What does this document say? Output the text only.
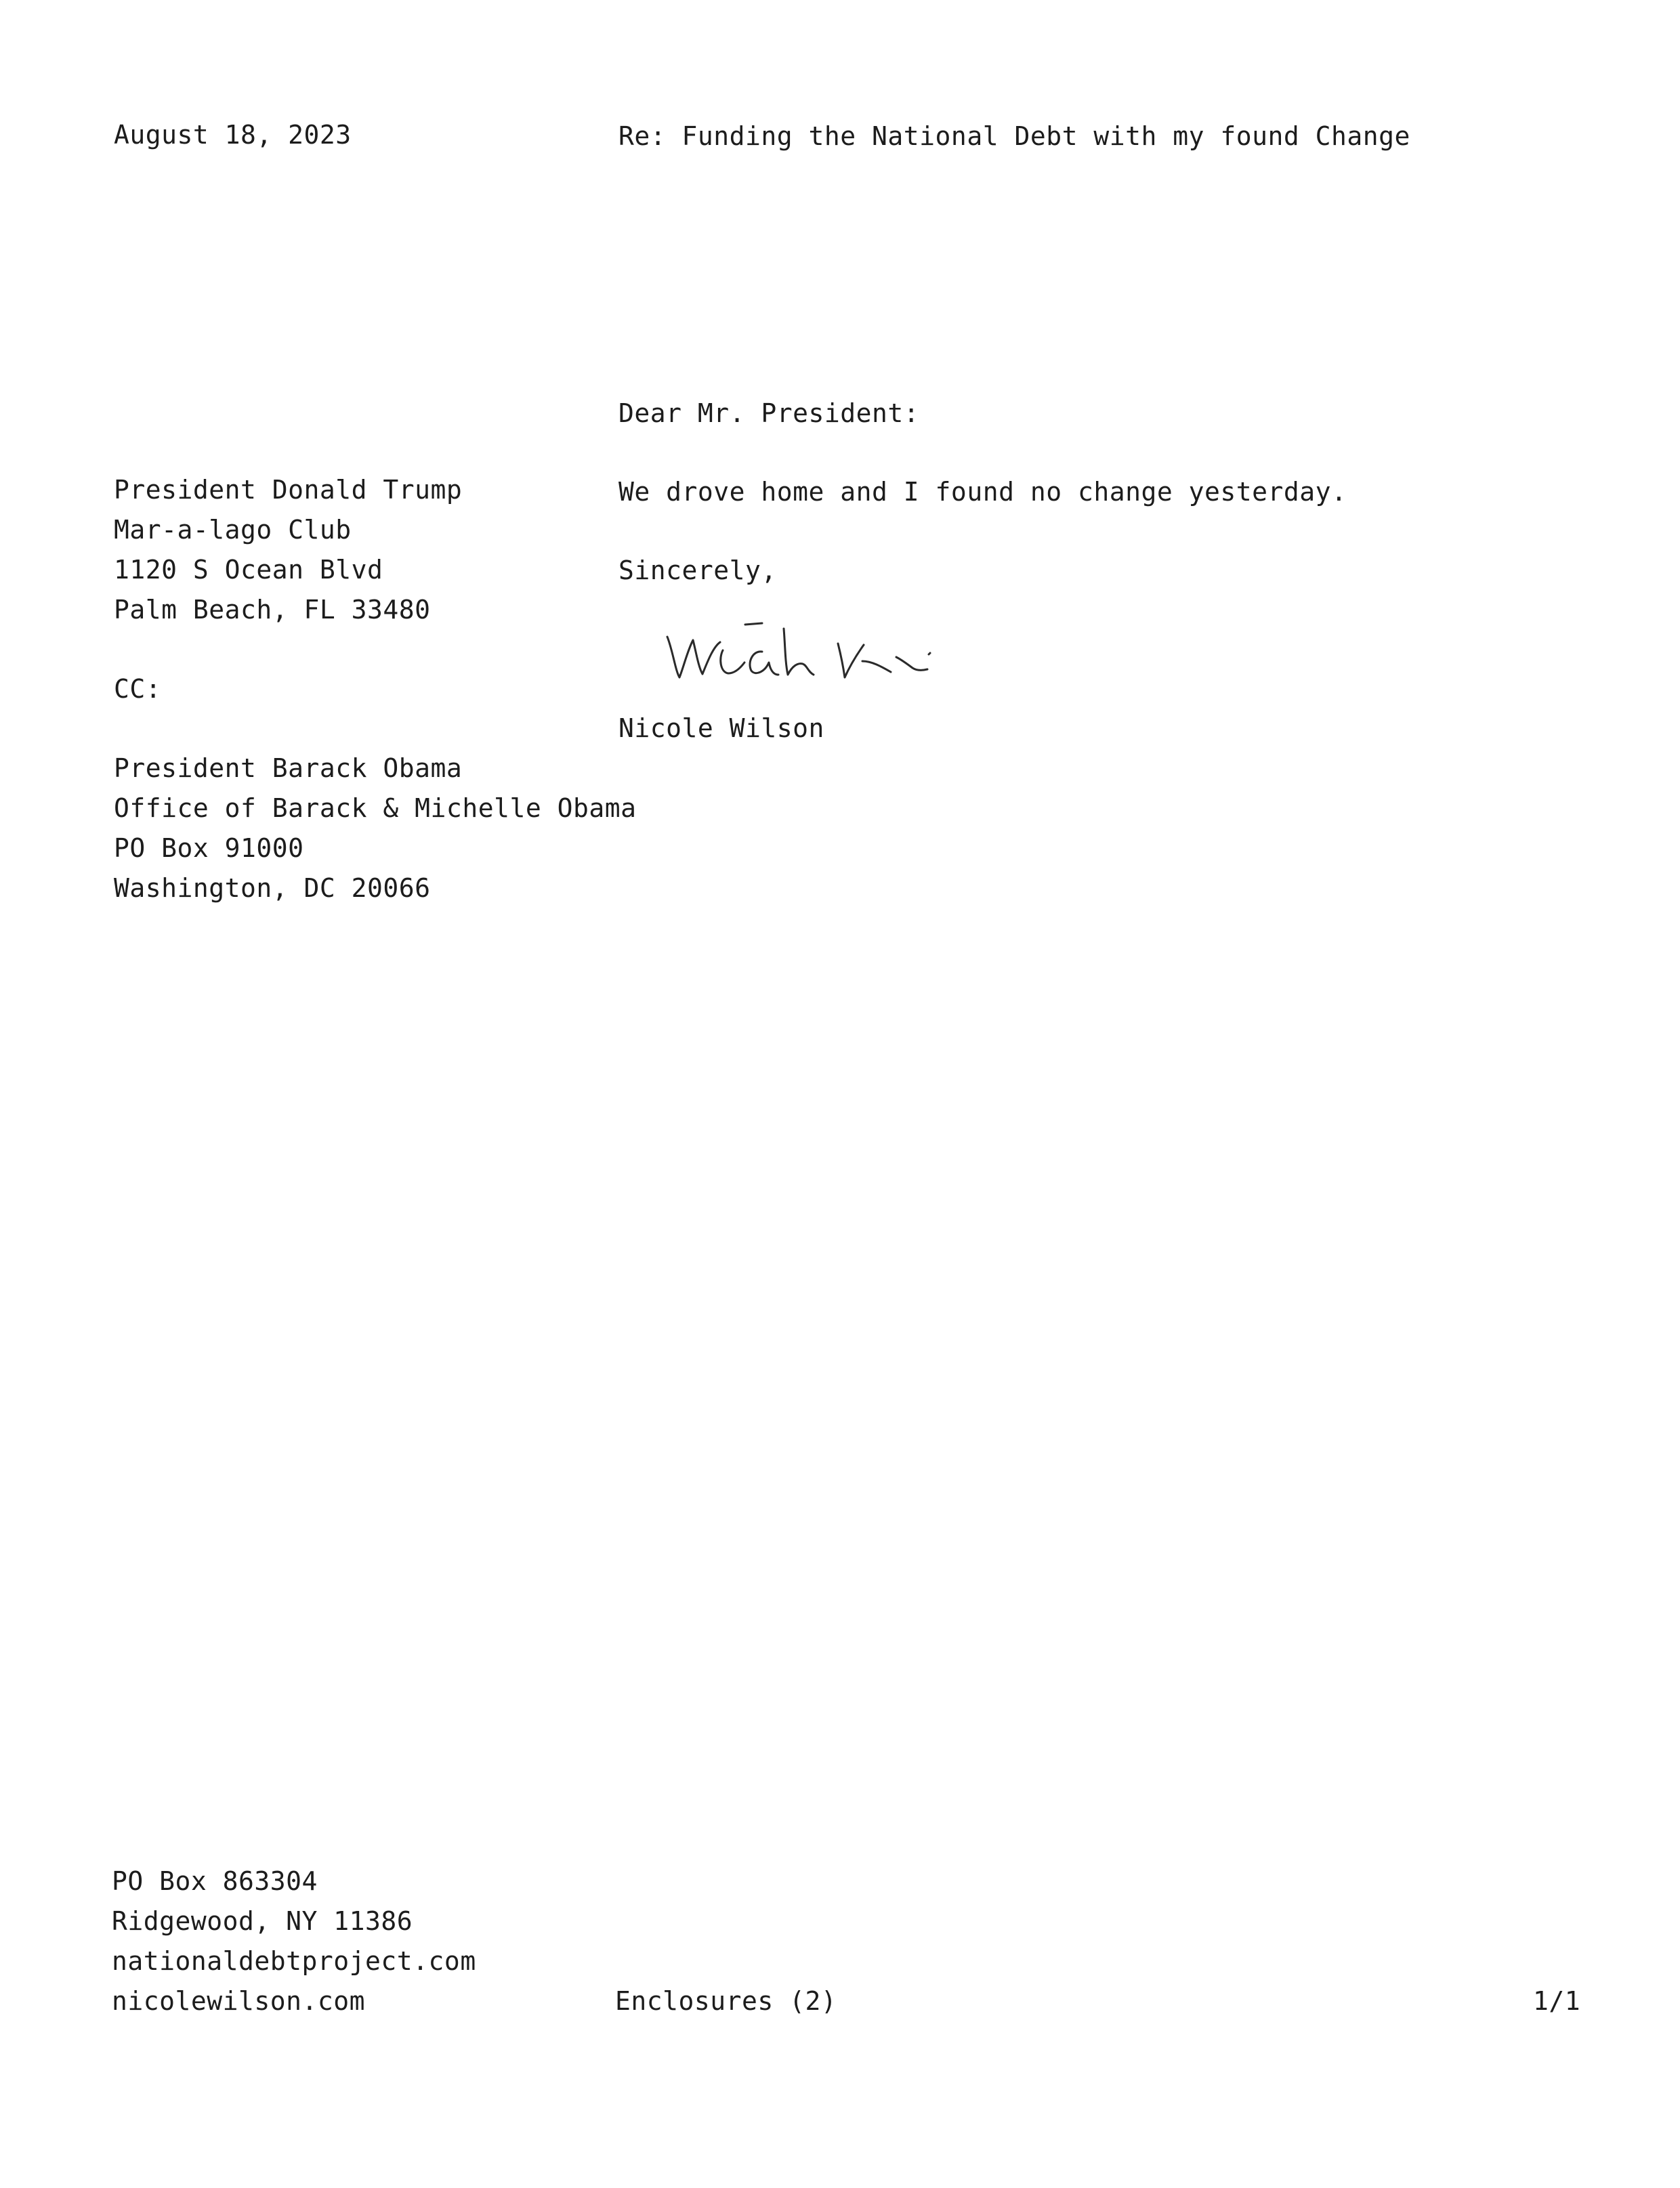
August 18, 2023	Re: Funding the National Debt with my found Change
Dear Mr. President:
We drove home and I found no change yesterday.
Sincerely,
Nicole Wilson
President Donald Trump
Mar-a-lago Club
1120 S Ocean Blvd
Palm Beach, FL 33480
CC:
President Barack Obama
Office of Barack & Michelle Obama
PO Box 91000
Washington, DC 20066
PO Box 863304
Ridgewood, NY 11386
nationaldebtproject.com
nicolewilson.com	Enclosures (2)	1/1
